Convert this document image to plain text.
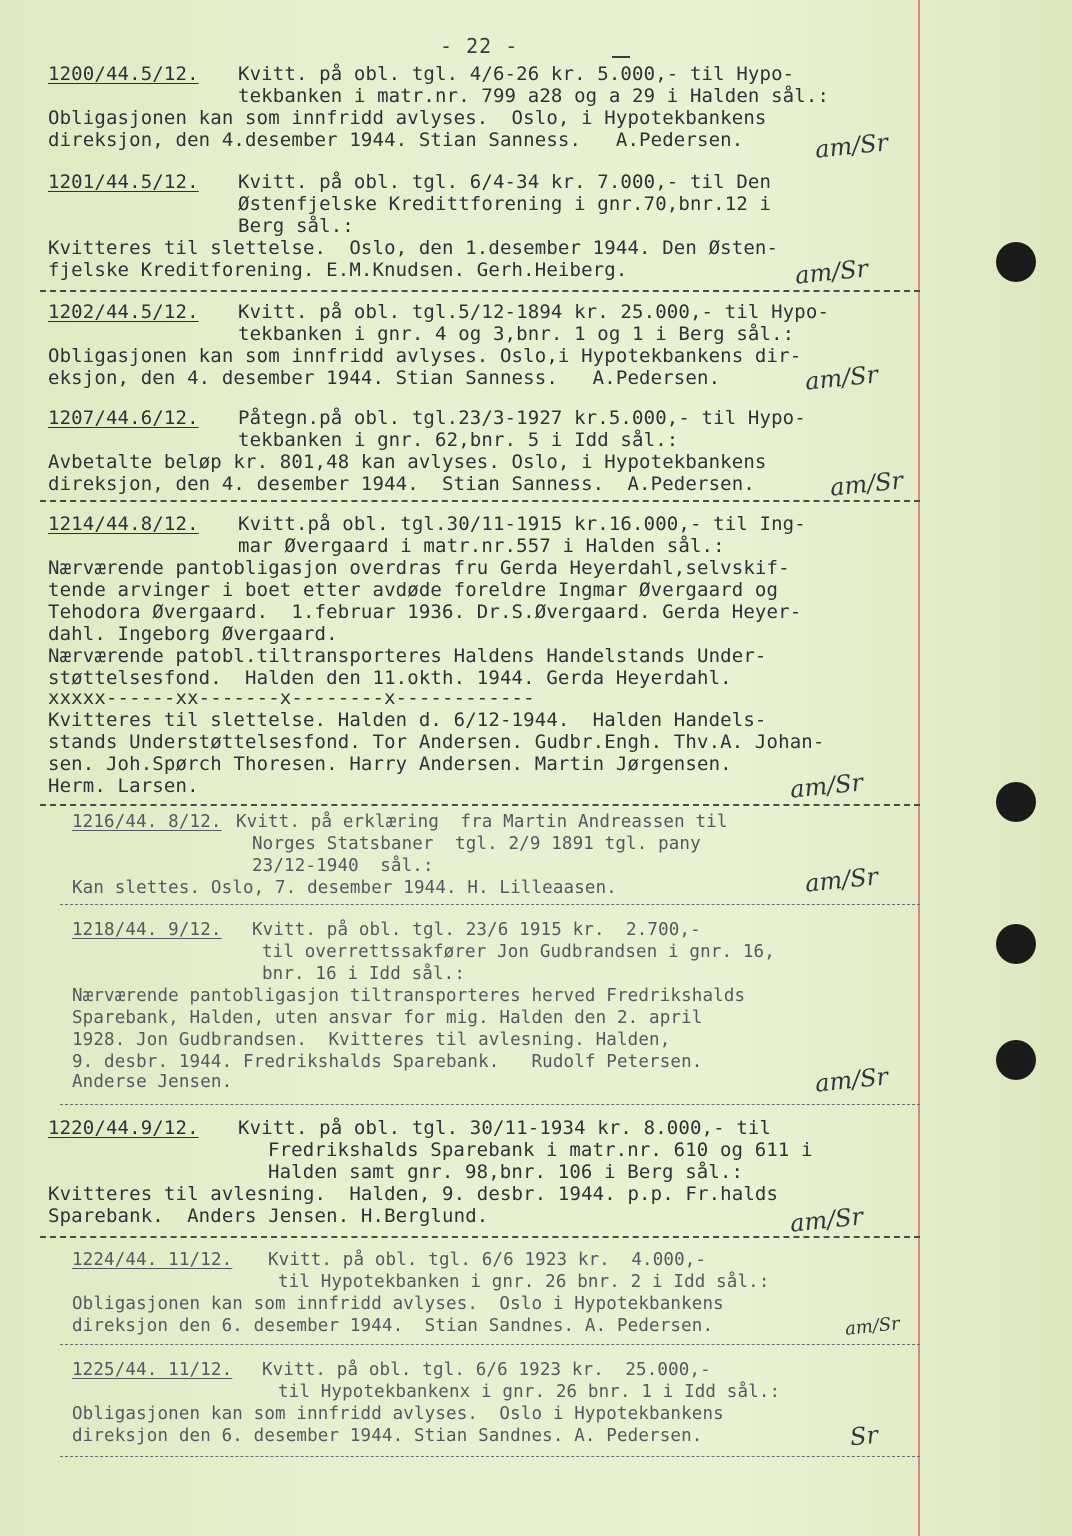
- 22 -
1200/44.5/12. Kvitt. på obl. tgl. 4/6-26 kr. 5.000,- til Hypo-
tekbanken i matr.nr. 799 a28 og a 29 i Halden sål.:
Obligasjonen kan som innfridd avlyses.  Oslo, i Hypotekbankens
direksjon, den 4.desember 1944. Stian Sanness.   A.Pedersen.	am/Sr
1201/44.5/12. Kvitt. på obl. tgl. 6/4-34 kr. 7.000,- til Den
Østenfjelske Kredittforening i gnr.70,bnr.12 i
Berg sål.:
Kvitteres til slettelse.  Oslo, den 1.desember 1944. Den Østen-
fjelske Kreditforening. E.M.Knudsen. Gerh.Heiberg.	am/Sr
1202/44.5/12. Kvitt. på obl. tgl.5/12-1894 kr. 25.000,- til Hypo-
tekbanken i gnr. 4 og 3,bnr. 1 og 1 i Berg sål.:
Obligasjonen kan som innfridd avlyses. Oslo,i Hypotekbankens dir-
eksjon, den 4. desember 1944. Stian Sanness.   A.Pedersen.	am/Sr
1207/44.6/12. Påtegn.på obl. tgl.23/3-1927 kr.5.000,- til Hypo-
tekbanken i gnr. 62,bnr. 5 i Idd sål.:
Avbetalte beløp kr. 801,48 kan avlyses. Oslo, i Hypotekbankens
direksjon, den 4. desember 1944.  Stian Sanness.  A.Pedersen.	am/Sr
1214/44.8/12. Kvitt.på obl. tgl.30/11-1915 kr.16.000,- til Ing-
mar Øvergaard i matr.nr.557 i Halden sål.:
Nærværende pantobligasjon overdras fru Gerda Heyerdahl,selvskif-
tende arvinger i boet etter avdøde foreldre Ingmar Øvergaard og
Tehodora Øvergaard.  1.februar 1936. Dr.S.Øvergaard. Gerda Heyer-
dahl. Ingeborg Øvergaard.
Nærværende patobl.tiltransporteres Haldens Handelstands Under-
støttelsesfond.  Halden den 11.okth. 1944. Gerda Heyerdahl.
xxxxx------xx-------x--------x------------
Kvitteres til slettelse. Halden d. 6/12-1944.  Halden Handels-
stands Understøttelsesfond. Tor Andersen. Gudbr.Engh. Thv.A. Johan-
sen. Joh.Spørch Thoresen. Harry Andersen. Martin Jørgensen.
Herm. Larsen.	am/Sr
1216/44. 8/12. Kvitt. på erklæring  fra Martin Andreassen til
Norges Statsbaner  tgl. 2/9 1891 tgl. pany
23/12-1940  sål.:
Kan slettes. Oslo, 7. desember 1944. H. Lilleaasen.	am/Sr
1218/44. 9/12. Kvitt. på obl. tgl. 23/6 1915 kr.  2.700,-
til overrettssakfører Jon Gudbrandsen i gnr. 16,
bnr. 16 i Idd sål.:
Nærværende pantobligasjon tiltransporteres herved Fredrikshalds
Sparebank, Halden, uten ansvar for mig. Halden den 2. april
1928. Jon Gudbrandsen.  Kvitteres til avlesning. Halden,
9. desbr. 1944. Fredrikshalds Sparebank.   Rudolf Petersen.
Anderse Jensen.	am/Sr
1220/44.9/12. Kvitt. på obl. tgl. 30/11-1934 kr. 8.000,- til
Fredrikshalds Sparebank i matr.nr. 610 og 611 i
Halden samt gnr. 98,bnr. 106 i Berg sål.:
Kvitteres til avlesning.  Halden, 9. desbr. 1944. p.p. Fr.halds
Sparebank.  Anders Jensen. H.Berglund.	am/Sr
1224/44. 11/12. Kvitt. på obl. tgl. 6/6 1923 kr.  4.000,-
til Hypotekbanken i gnr. 26 bnr. 2 i Idd sål.:
Obligasjonen kan som innfridd avlyses.  Oslo i Hypotekbankens
direksjon den 6. desember 1944.  Stian Sandnes. A. Pedersen.	am/Sr
1225/44. 11/12. Kvitt. på obl. tgl. 6/6 1923 kr.  25.000,-
til Hypotekbankenx i gnr. 26 bnr. 1 i Idd sål.:
Obligasjonen kan som innfridd avlyses.  Oslo i Hypotekbankens
direksjon den 6. desember 1944. Stian Sandnes. A. Pedersen.	Sr
